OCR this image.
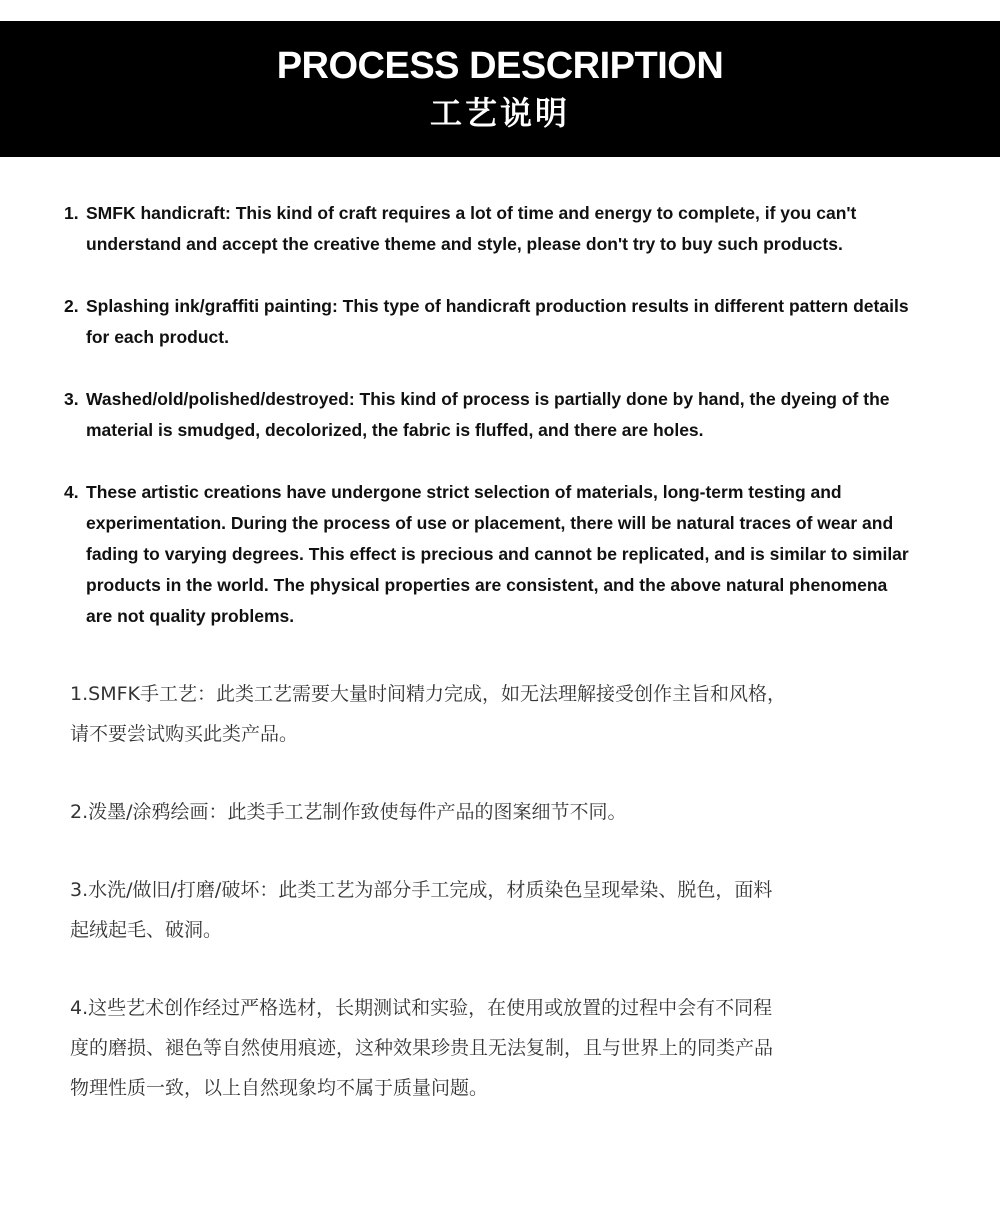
PROCESS DESCRIPTION
工艺说明
1. SMFK handicraft: This kind of craft requires a lot of time and energy to complete, if you can't understand and accept the creative theme and style, please don't try to buy such products.
2. Splashing ink/graffiti painting: This type of handicraft production results in different pattern details for each product.
3. Washed/old/polished/destroyed: This kind of process is partially done by hand, the dyeing of the material is smudged, decolorized, the fabric is fluffed, and there are holes.
4. These artistic creations have undergone strict selection of materials, long-term testing and experimentation. During the process of use or placement, there will be natural traces of wear and fading to varying degrees. This effect is precious and cannot be replicated, and is similar to similar products in the world. The physical properties are consistent, and the above natural phenomena are not quality problems.
1.SMFK手工艺：此类工艺需要大量时间精力完成，如无法理解接受创作主旨和风格， 请不要尝试购买此类产品。
2.泼墨/涂鸦绘画：此类手工艺制作致使每件产品的图案细节不同。
3.水洗/做旧/打磨/破坏：此类工艺为部分手工完成，材质染色呈现晕染、脱色，面料起绒起毛、破洞。
4.这些艺术创作经过严格选材，长期测试和实验，在使用或放置的过程中会有不同程度的磨损、褪色等自然使用痕迹，这种效果珍贵且无法复制，且与世界上的同类产品物理性质一致，以上自然现象均不属于质量问题。
